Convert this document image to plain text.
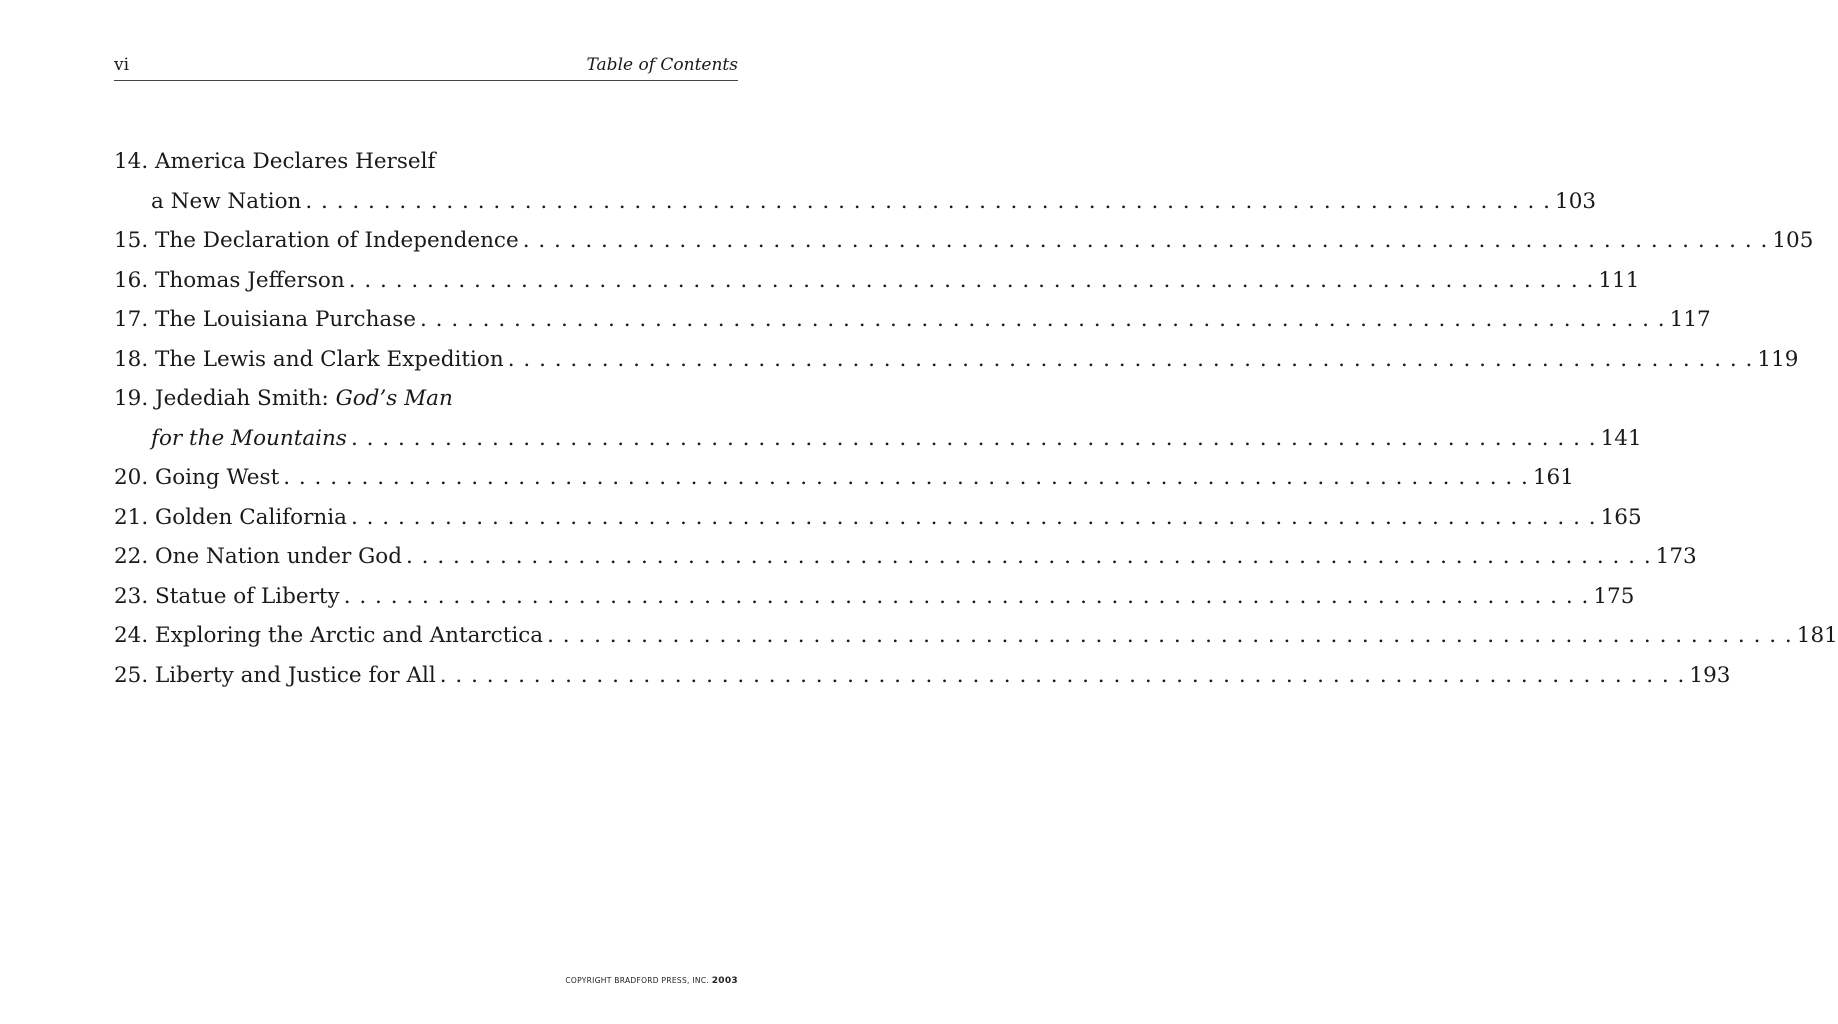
vi	Table of Contents
14. America Declares Herself
a New Nation . . . . . . . . . . . . . . . . . . . . . . . . . . . . . . . . . . . . . . . . . . . . . . . . . . . . . . . . . . . . . . . . . . . . . . . . . . . . . . . . 103
15. The Declaration of Independence . . . . . . . . . . . . . . . . . . . . . . . . . . . . . . . . . . . . . . . . . . . . . . . . . . . . . . . . . . . . . . . . . . . . . . . . . . . . . . . . 105
16. Thomas Jefferson . . . . . . . . . . . . . . . . . . . . . . . . . . . . . . . . . . . . . . . . . . . . . . . . . . . . . . . . . . . . . . . . . . . . . . . . . . . . . . . . 111
17. The Louisiana Purchase . . . . . . . . . . . . . . . . . . . . . . . . . . . . . . . . . . . . . . . . . . . . . . . . . . . . . . . . . . . . . . . . . . . . . . . . . . . . . . . . 117
18. The Lewis and Clark Expedition . . . . . . . . . . . . . . . . . . . . . . . . . . . . . . . . . . . . . . . . . . . . . . . . . . . . . . . . . . . . . . . . . . . . . . . . . . . . . . . . 119
19. Jedediah Smith: God’s Man
for the Mountains . . . . . . . . . . . . . . . . . . . . . . . . . . . . . . . . . . . . . . . . . . . . . . . . . . . . . . . . . . . . . . . . . . . . . . . . . . . . . . . . 141
20. Going West . . . . . . . . . . . . . . . . . . . . . . . . . . . . . . . . . . . . . . . . . . . . . . . . . . . . . . . . . . . . . . . . . . . . . . . . . . . . . . . . 161
21. Golden California . . . . . . . . . . . . . . . . . . . . . . . . . . . . . . . . . . . . . . . . . . . . . . . . . . . . . . . . . . . . . . . . . . . . . . . . . . . . . . . . 165
22. One Nation under God . . . . . . . . . . . . . . . . . . . . . . . . . . . . . . . . . . . . . . . . . . . . . . . . . . . . . . . . . . . . . . . . . . . . . . . . . . . . . . . . 173
23. Statue of Liberty . . . . . . . . . . . . . . . . . . . . . . . . . . . . . . . . . . . . . . . . . . . . . . . . . . . . . . . . . . . . . . . . . . . . . . . . . . . . . . . . 175
24. Exploring the Arctic and Antarctica . . . . . . . . . . . . . . . . . . . . . . . . . . . . . . . . . . . . . . . . . . . . . . . . . . . . . . . . . . . . . . . . . . . . . . . . . . . . . . . . 181
25. Liberty and Justice for All . . . . . . . . . . . . . . . . . . . . . . . . . . . . . . . . . . . . . . . . . . . . . . . . . . . . . . . . . . . . . . . . . . . . . . . . . . . . . . . . 193
COPYRIGHT BRADFORD PRESS, INC. 2003
